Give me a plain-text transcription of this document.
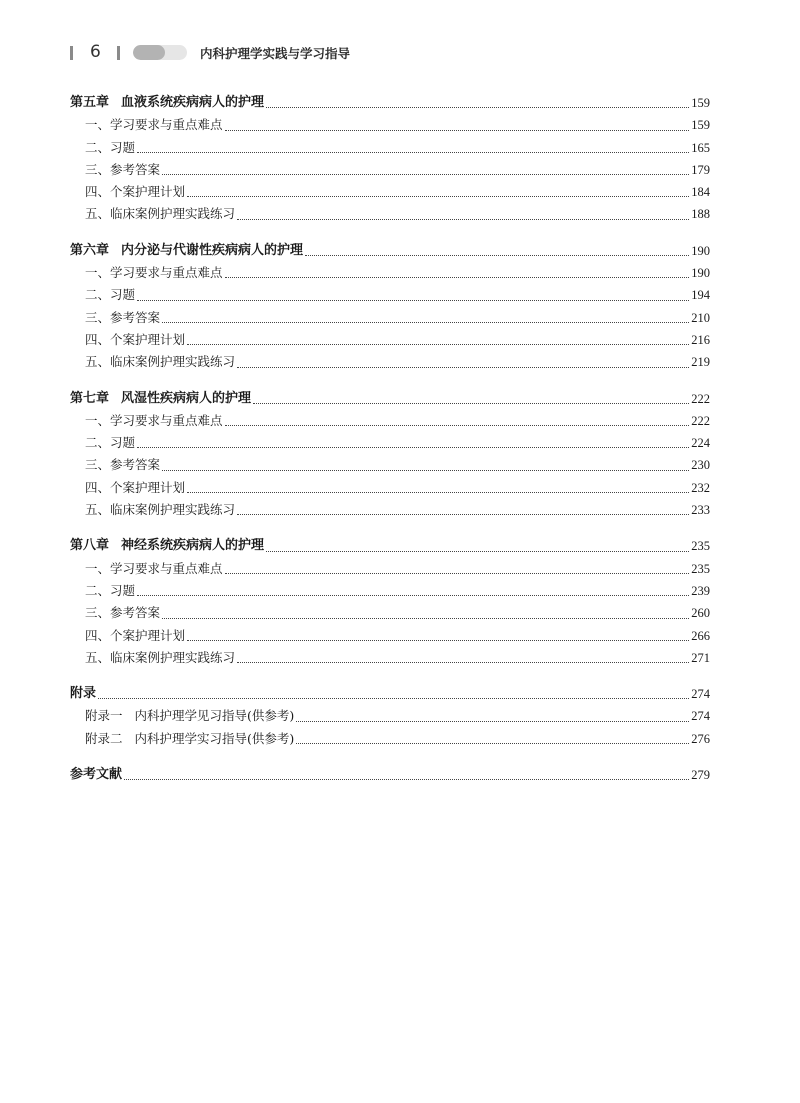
6	内科护理学实践与学习指导
第五章 血液系统疾病病人的护理	159
一、学习要求与重点难点	159
二、习题	165
三、参考答案	179
四、个案护理计划	184
五、临床案例护理实践练习	188
第六章 内分泌与代谢性疾病病人的护理	190
一、学习要求与重点难点	190
二、习题	194
三、参考答案	210
四、个案护理计划	216
五、临床案例护理实践练习	219
第七章 风湿性疾病病人的护理	222
一、学习要求与重点难点	222
二、习题	224
三、参考答案	230
四、个案护理计划	232
五、临床案例护理实践练习	233
第八章 神经系统疾病病人的护理	235
一、学习要求与重点难点	235
二、习题	239
三、参考答案	260
四、个案护理计划	266
五、临床案例护理实践练习	271
附录	274
附录一 内科护理学见习指导(供参考)	274
附录二 内科护理学实习指导(供参考)	276
参考文献	279
